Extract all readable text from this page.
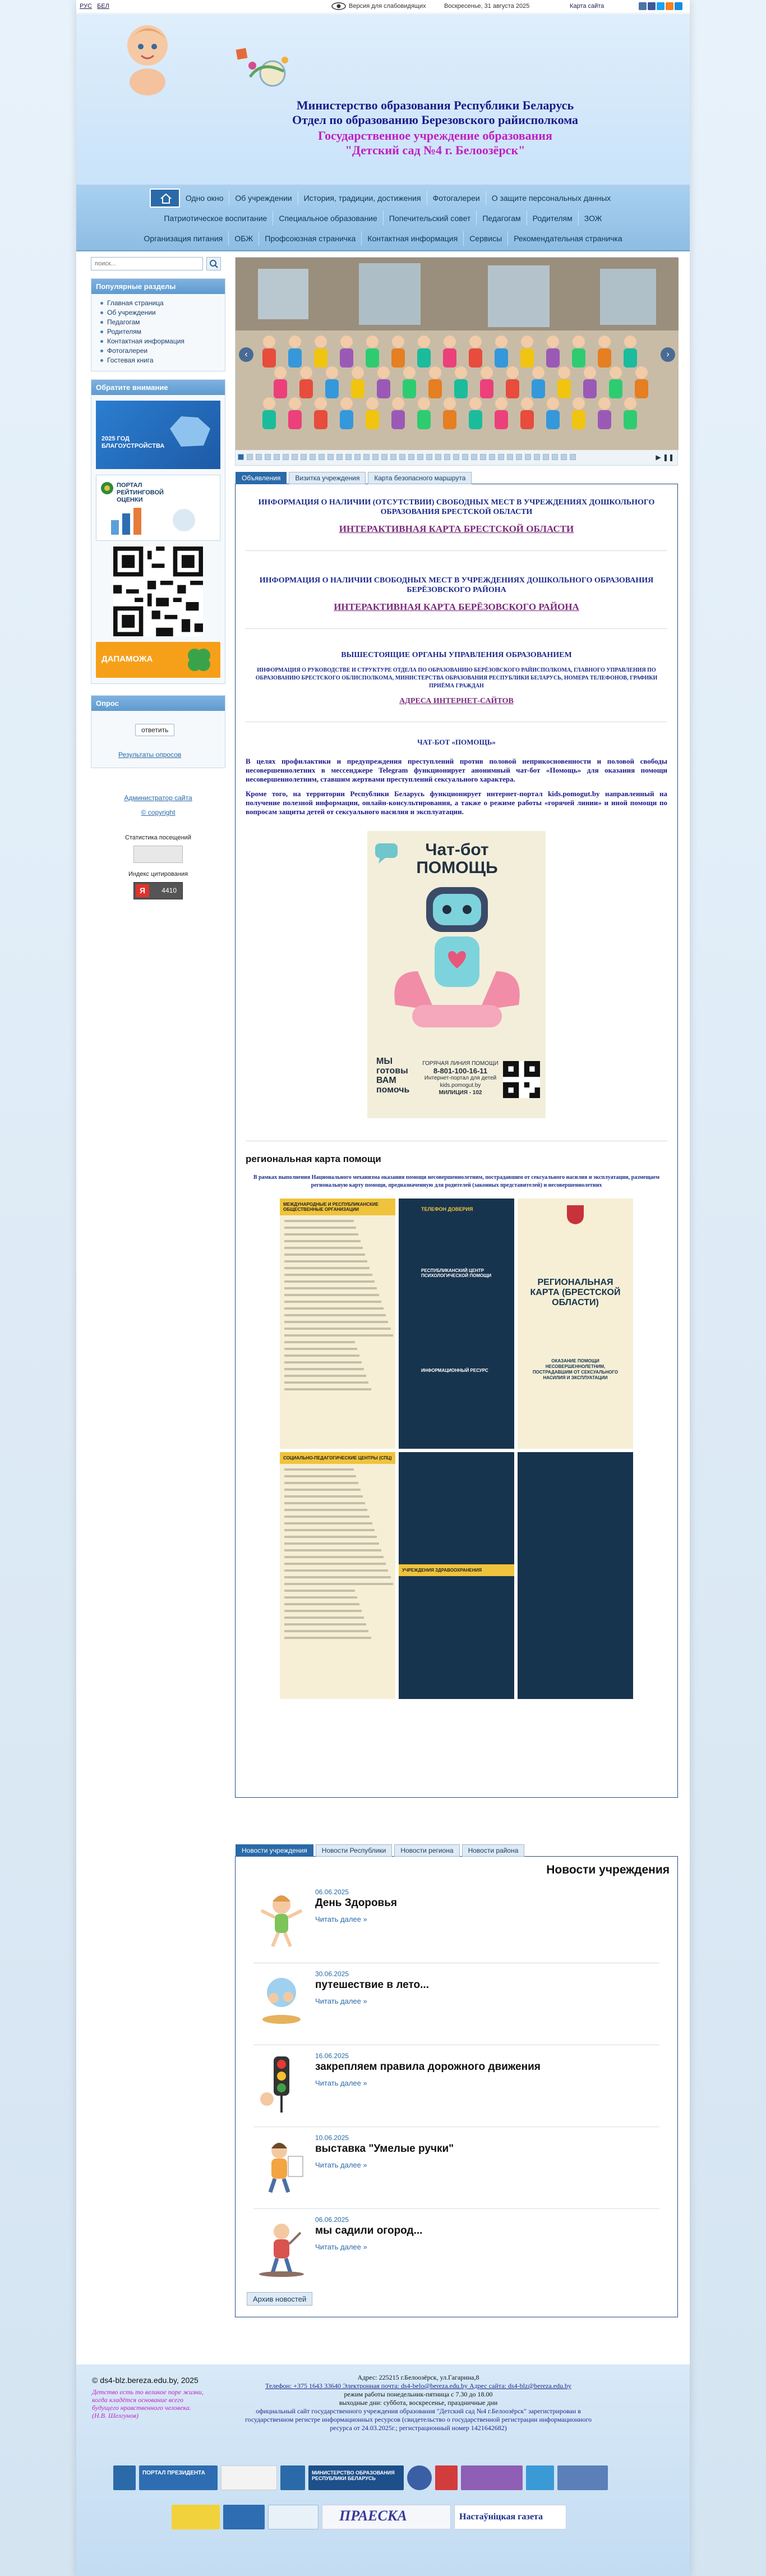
РУС БЕЛ	Версия для слабовидящих	Воскресенье, 31 августа 2025	Карта сайта
Министерство образования Республики Беларусь
Отдел по образованию Березовского райисполкома
Государственное учреждение образования
"Детский сад №4 г. Белоозёрск"
Одно окно	Об учреждении	История, традиции, достижения	Фотогалереи	О защите персональных данных
Патриотическое воспитание	Специальное образование	Попечительский совет	Педагогам	Родителям	ЗОЖ
Организация питания	ОБЖ	Профсоюзная страничка	Контактная информация	Сервисы	Рекомендательная страничка
поиск...
Популярные разделы
Главная страница
Об учреждении
Педагогам
Родителям
Контактная информация
Фотогалереи
Гостевая книга
Обратите внимание
2025 ГОД БЛАГОУСТРОЙСТВА
ПОРТАЛ РЕЙТИНГОВОЙ ОЦЕНКИ
ДАПАМОЖА
Опрос
ответить
Результаты опросов
Администратор сайта
© copyright
Статистика посещений
Индекс цитирования
Я	4410
‹	›
▶ ❚❚
Объявления	Визитка учреждения	Карта безопасного маршрута
ИНФОРМАЦИЯ О НАЛИЧИИ (ОТСУТСТВИИ) СВОБОДНЫХ МЕСТ В УЧРЕЖДЕНИЯХ ДОШКОЛЬНОГО ОБРАЗОВАНИЯ БРЕСТСКОЙ ОБЛАСТИ
ИНТЕРАКТИВНАЯ КАРТА БРЕСТСКОЙ ОБЛАСТИ
ИНФОРМАЦИЯ О НАЛИЧИИ СВОБОДНЫХ МЕСТ В УЧРЕЖДЕНИЯХ ДОШКОЛЬНОГО ОБРАЗОВАНИЯ БЕРЁЗОВСКОГО РАЙОНА
ИНТЕРАКТИВНАЯ КАРТА БЕРЁЗОВСКОГО РАЙОНА
ВЫШЕСТОЯЩИЕ ОРГАНЫ УПРАВЛЕНИЯ ОБРАЗОВАНИЕМ
ИНФОРМАЦИЯ О РУКОВОДСТВЕ И СТРУКТУРЕ ОТДЕЛА ПО ОБРАЗОВАНИЮ БЕРЁЗОВСКОГО РАЙИСПОЛКОМА, ГЛАВНОГО УПРАВЛЕНИЯ ПО ОБРАЗОВАНИЮ БРЕСТСКОГО ОБЛИСПОЛКОМА, МИНИСТЕРСТВА ОБРАЗОВАНИЯ РЕСПУБЛИКИ БЕЛАРУСЬ, НОМЕРА ТЕЛЕФОНОВ, ГРАФИКИ ПРИЁМА ГРАЖДАН
АДРЕСА ИНТЕРНЕТ-САЙТОВ
ЧАТ-БОТ «ПОМОЩЬ»
В целях профилактики и предупреждения преступлений против половой неприкосновенности и половой свободы несовершеннолетних в мессенджере Telegram функционирует анонимный чат-бот «Помощь» для оказания помощи несовершеннолетним, ставшим жертвами преступлений сексуального характера.
Кроме того, на территории Республики Беларусь функционирует интернет-портал kids.pomogut.by направленный на получение полезной информации, онлайн-консультирования, а также о режиме работы «горячей линии» и иной помощи по вопросам защиты детей от сексуального насилия и эксплуатации.
Чат-бот ПОМОЩЬ
МЫ готовы ВАМ помочь
ГОРЯЧАЯ ЛИНИЯ ПОМОЩИ
8-801-100-16-11
Интернет-портал для детей kids.pomogut.by
МИЛИЦИЯ - 102
региональная карта помощи
В рамках выполнения Национального механизма оказания помощи несовершеннолетним, пострадавшим от сексуального насилия и эксплуатации, размещаем региональную карту помощи, предназначенную для родителей (законных представителей) и несовершеннолетних
МЕЖДУНАРОДНЫЕ И РЕСПУБЛИКАНСКИЕ ОБЩЕСТВЕННЫЕ ОРГАНИЗАЦИИ	ТЕЛЕФОН ДОВЕРИЯ
РЕСПУБЛИКАНСКИЙ ЦЕНТР ПСИХОЛОГИЧЕСКОЙ ПОМОЩИ
ИНФОРМАЦИОННЫЙ РЕСУРС
РЕГИОНАЛЬНАЯ КАРТА (БРЕСТСКОЙ ОБЛАСТИ)
ОКАЗАНИЕ ПОМОЩИ НЕСОВЕРШЕННОЛЕТНИМ, ПОСТРАДАВШИМ ОТ СЕКСУАЛЬНОГО НАСИЛИЯ И ЭКСПЛУАТАЦИИ
СОЦИАЛЬНО-ПЕДАГОГИЧЕСКИЕ ЦЕНТРЫ (СПЦ)
УЧРЕЖДЕНИЯ ЗДРАВООХРАНЕНИЯ
Новости учреждения	Новости Республики	Новости региона	Новости района
Новости учреждения
06.06.2025
День Здоровья
Читать далее »
30.06.2025
путешествие в лето...
Читать далее »
16.06.2025
закрепляем правила дорожного движения
Читать далее »
10.06.2025
выставка "Умелые ручки"
Читать далее »
06.06.2025
мы садили огород...
Читать далее »
Архив новостей
© ds4-blz.bereza.edu.by, 2025
Детство есть то великое поре жизни, когда кладётся основание всего будущего нравственного человека. (Н.В. Шелгунов)
Адрес: 225215 г.Белоозёрск, ул.Гагарина,8
Телефон: +375 1643 33640 Электронная почта: ds4-belo@bereza.edu.by Адрес сайта: ds4-blz@bereza.edu.by
режим работы понедельник-пятница с 7.30 до 18.00
выходные дни: суббота, воскресенье, праздничные дни
официальный сайт государственного учреждения образования "Детский сад №4 г.Белоозёрск" зарегистрирован в государственном регистре информационных ресурсов (свидетельство о государственной регистрации информационного ресурса от 24.03.2025г.; регистрационный номер 1421642682)
ПОРТАЛ ПРЕЗИДЕНТА	МИНИСТЕРСТВО ОБРАЗОВАНИЯ РЕСПУБЛИКИ БЕЛАРУСЬ
ПРАЕСКА	Настаўніцкая газета
